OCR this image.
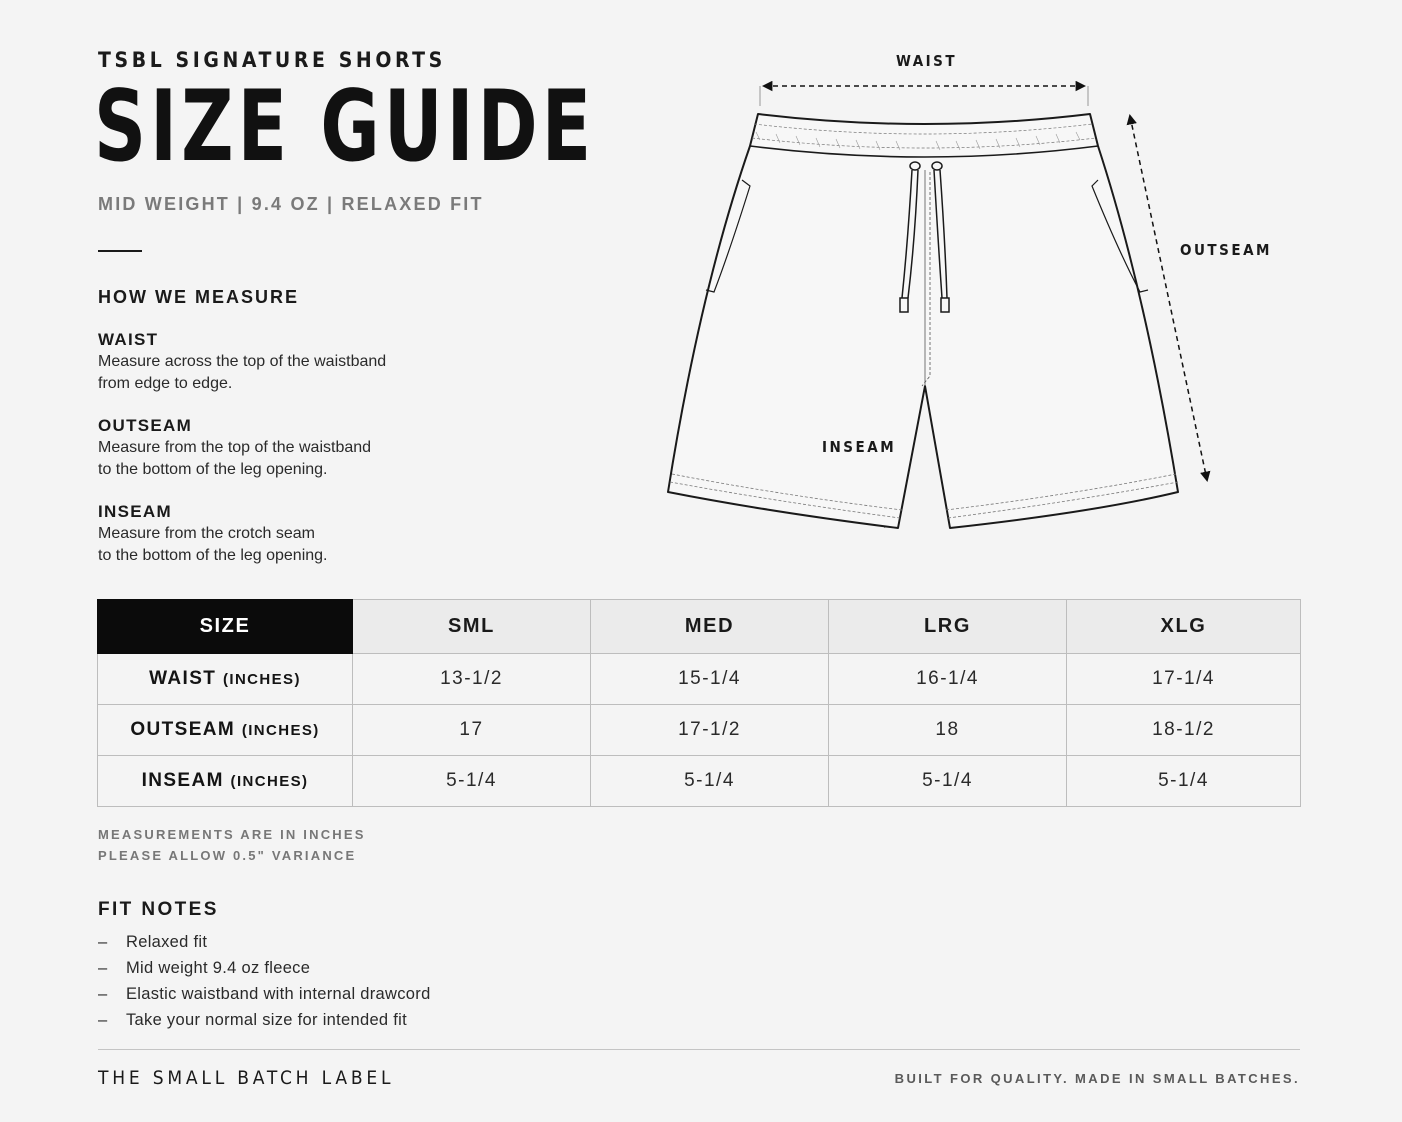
TSBL SIGNATURE SHORTS
SIZE GUIDE
MID WEIGHT | 9.4 OZ | RELAXED FIT
HOW WE MEASURE
WAIST
Measure across the top of the waistband
from edge to edge.
OUTSEAM
Measure from the top of the waistband
to the bottom of the leg opening.
INSEAM
Measure from the crotch seam
to the bottom of the leg opening.
WAIST
OUTSEAM
INSEAM
SIZE	SML	MED	LRG	XLG
WAIST (INCHES)	13-1/2	15-1/4	16-1/4	17-1/4
OUTSEAM (INCHES)	17	17-1/2	18	18-1/2
INSEAM (INCHES)	5-1/4	5-1/4	5-1/4	5-1/4
MEASUREMENTS ARE IN INCHES
PLEASE ALLOW 0.5" VARIANCE
FIT NOTES
– Relaxed fit
– Mid weight 9.4 oz fleece
– Elastic waistband with internal drawcord
– Take your normal size for intended fit
THE SMALL BATCH LABEL	BUILT FOR QUALITY. MADE IN SMALL BATCHES.
